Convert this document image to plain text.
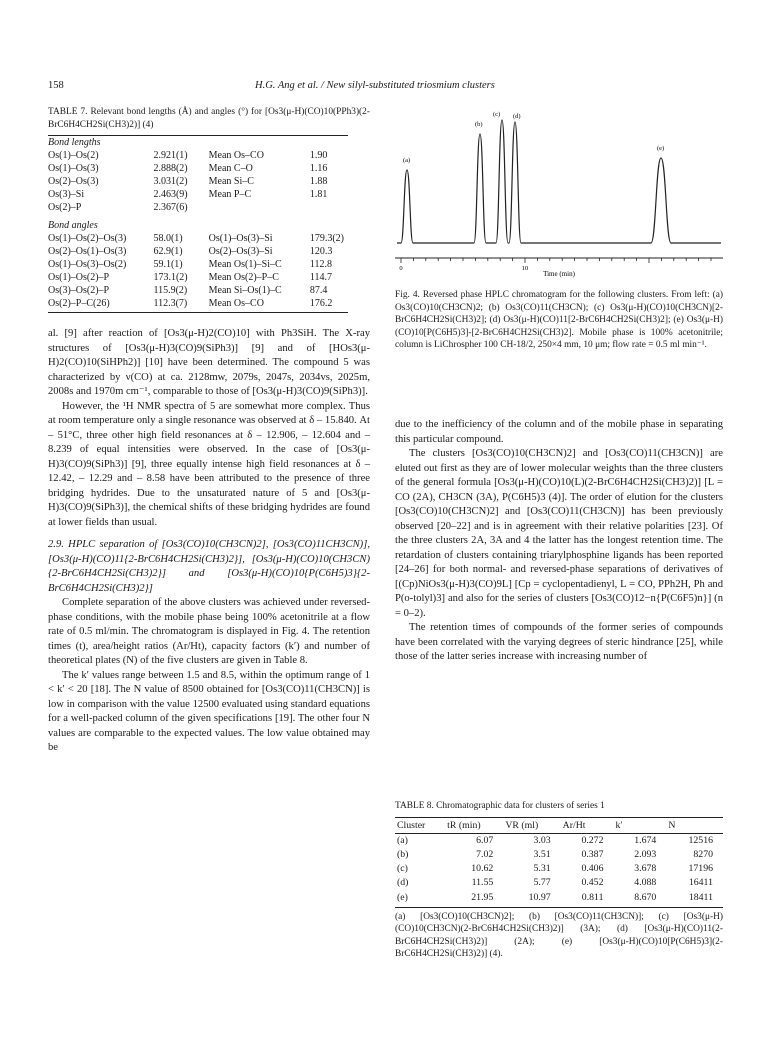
158	H.G. Ang et al. / New silyl-substituted triosmium clusters
TABLE 7. Relevant bond lengths (Å) and angles (°) for [Os3(μ-H)(CO)10(PPh3)(2-BrC6H4CH2Si(CH3)2)] (4)
Bond lengths			
Os(1)–Os(2)	2.921(1)	Mean Os–CO	1.90
Os(1)–Os(3)	2.888(2)	Mean C–O	1.16
Os(2)–Os(3)	3.031(2)	Mean Si–C	1.88
Os(3)–Si	2.463(9)	Mean P–C	1.81
Os(2)–P	2.367(6)		
Bond angles			
Os(1)–Os(2)–Os(3)	58.0(1)	Os(1)–Os(3)–Si	179.3(2)
Os(2)–Os(1)–Os(3)	62.9(1)	Os(2)–Os(3)–Si	120.3
Os(1)–Os(3)–Os(2)	59.1(1)	Mean Os(1)–Si–C	112.8
Os(1)–Os(2)–P	173.1(2)	Mean Os(2)–P–C	114.7
Os(3)–Os(2)–P	115.9(2)	Mean Si–Os(1)–C	87.4
Os(2)–P–C(26)	112.3(7)	Mean Os–CO	176.2

al. [9] after reaction of [Os3(μ-H)2(CO)10] with Ph3SiH. The X-ray structures of [Os3(μ-H)3(CO)9(SiPh3)] [9] and of [HOs3(μ-H)2(CO)10(SiHPh2)] [10] have been determined. The compound 5 was characterized by ν(CO) at ca. 2128mw, 2079s, 2047s, 2034vs, 2025m, 2008s and 1970m cm⁻¹, comparable to those of [Os3(μ-H)3(CO)9(SiPh3)].

However, the ¹H NMR spectra of 5 are somewhat more complex. Thus at room temperature only a single resonance was observed at δ – 15.840. At – 51°C, three other high field resonances at δ – 12.906, – 12.604 and – 8.239 of equal intensities were observed. In the case of [Os3(μ-H)3(CO)9(SiPh3)] [9], three equally intense high field resonances at δ – 12.42, – 12.29 and – 8.58 have been attributed to the presence of three bridging hydrides. Due to the unsaturated nature of 5 and [Os3(μ-H)3(CO)9(SiPh3)], the chemical shifts of these bridging hydrides are found at lower fields than usual.

2.9. HPLC separation of [Os3(CO)10(CH3CN)2], [Os3(CO)11CH3CN)], [Os3(μ-H)(CO)11{2-BrC6H4CH2Si(CH3)2}], [Os3(μ-H)(CO)10(CH3CN){2-BrC6H4CH2Si(CH3)2}] and [Os3(μ-H)(CO)10{P(C6H5)3}{2-BrC6H4CH2Si(CH3)2}]

Complete separation of the above clusters was achieved under reversed-phase conditions, with the mobile phase being 100% acetonitrile at a flow rate of 0.5 ml/min. The chromatogram is displayed in Fig. 4. The retention times (t), area/height ratios (Ar/Ht), capacity factors (k′) and number of theoretical plates (N) of the five clusters are given in Table 8.

The k′ values range between 1.5 and 8.5, within the optimum range of 1 < k′ < 20 [18]. The N value of 8500 obtained for [Os3(CO)11(CH3CN)] is low in comparison with the value 12500 evaluated using standard equations for a well-packed column of the given specifications [19]. The other four N values are comparable to the expected values. The low value obtained may be

(a)
(b)
(c) (d)
(e)
0	10
Time (min)
Fig. 4. Reversed phase HPLC chromatogram for the following clusters. From left: (a) Os3(CO)10(CH3CN)2; (b) Os3(CO)11(CH3CN); (c) Os3(μ-H)(CO)10(CH3CN)[2-BrC6H4CH2Si(CH3)2]; (d) Os3(μ-H)(CO)11[2-BrC6H4CH2Si(CH3)2]; (e) Os3(μ-H)(CO)10[P(C6H5)3]-[2-BrC6H4CH2Si(CH3)2]. Mobile phase is 100% acetonitrile; column is LiChrospher 100 CH-18/2, 250×4 mm, 10 μm; flow rate = 0.5 ml min⁻¹.

due to the inefficiency of the column and of the mobile phase in separating this particular compound.

The clusters [Os3(CO)10(CH3CN)2] and [Os3(CO)11(CH3CN)] are eluted out first as they are of lower molecular weights than the three clusters of the general formula [Os3(μ-H)(CO)10(L)(2-BrC6H4CH2Si(CH3)2)] [L = CO (2A), CH3CN (3A), P(C6H5)3 (4)]. The order of elution for the clusters [Os3(CO)10(CH3CN)2] and [Os3(CO)11(CH3CN)] has been previously observed [20–22] and is in agreement with their relative polarities [23]. Of the three clusters 2A, 3A and 4 the latter has the longest retention time. The retardation of clusters containing triarylphosphine ligands has been reported [24–26] for both normal- and reversed-phase separations of derivatives of [(Cp)NiOs3(μ-H)3(CO)9L] [Cp = cyclopentadienyl, L = CO, PPh2H, Ph and P(o-tolyl)3] and also for the series of clusters [Os3(CO)12−n{P(C6F5)n}] (n = 0–2).

The retention times of compounds of the former series of compounds have been correlated with the varying degrees of steric hindrance [25], while those of the latter series increase with increasing number of

TABLE 8. Chromatographic data for clusters of series 1
Cluster	tR (min)	VR (ml)	Ar/Ht	k′	N
(a)	6.07	3.03	0.272	1.674	12516
(b)	7.02	3.51	0.387	2.093	8270
(c)	10.62	5.31	0.406	3.678	17196
(d)	11.55	5.77	0.452	4.088	16411
(e)	21.95	10.97	0.811	8.670	18411
(a) [Os3(CO)10(CH3CN)2]; (b) [Os3(CO)11(CH3CN)]; (c) [Os3(μ-H)(CO)10(CH3CN)(2-BrC6H4CH2Si(CH3)2)] (3A); (d) [Os3(μ-H)(CO)11(2-BrC6H4CH2Si(CH3)2)] (2A); (e) [Os3(μ-H)(CO)10[P(C6H5)3](2-BrC6H4CH2Si(CH3)2)] (4).
